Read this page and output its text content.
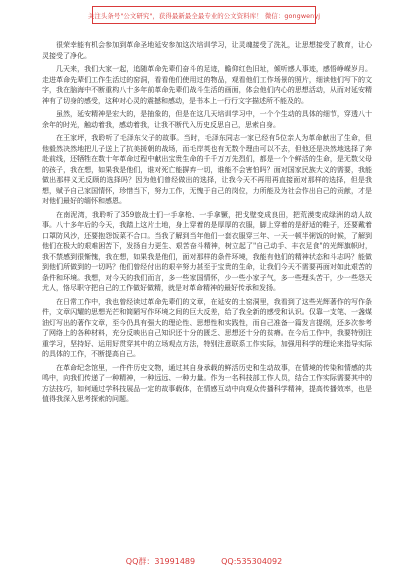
关注头条号"公文研究"，获得最新最全最专业的公文资料库！ 微信：gongwenyj

很荣幸能有机会参加到革命圣地延安参加这次培训学习，让灵魂接受了洗礼，让思想接受了教育，让心灵接受了净化。

几天来，我们大家一起，追随革命先辈们奋斗的足迹，瞻仰红色旧址，倾听感人事迹，感悟峥嵘岁月。走进革命先辈们工作生活过的窑洞，看看他们使用过的物品，观看他们工作场景的照片，细读他们写下的文字，我在脑海中不断重构八十多年前革命先辈们战斗生活的画面，体会他们内心的思想活动，从而对延安精神有了切身的感受，这种对心灵的震撼和感动，是书本上一行行文字描述所不能及的。

虽然，延安精神是宏大的，是抽象的，但是在这几天培训学习中，一个个生动的具体的细节，穿透八十余年的时光，触动着我，感动着我，让我不断代入历史反思自己，思索自身。

在王家坪，我聆听了毛泽东父子的故事。当时，毛泽东同志一家已经有5位亲人为革命献出了生命，但他毅然决然地把儿子送上了抗美援朝的战场，而毛岸英也有无数个理由可以不去，但他还是决然地选择了奔赴前线，还牺牲在数十年革命过程中献出宝贵生命的千千万万先烈们，都是一个个鲜活的生命，是无数父母的孩子，我在想，如果我是他们，谁对死亡能摒弃一切，谁能不会害怕吗？面对国家民族大义的需要，我能做出那样义无反顾的选择吗？因为他们曾经做出的选择，让我今天不再用再直接面对那样的选择，但是我想，赋予自己家国情怀，珍惜当下，努力工作，无愧于自己的岗位，力所能及为社会作出自己的贡献，才是对他们最好的缅怀和感恩。

在南泥湾，我聆听了359旅战士们一手拿枪、一手拿镢，把戈壁变成良田，把荒漠变成绿洲的动人故事。八十多年后的今天，我踏上这片土地，身上穿着的是厚厚的衣服，脚上穿着的是舒适的鞋子，还要戴着口罩防风沙，还要抱怨饭菜不合口。当我了解到当年他们一套衣服穿三年、一天一顿半粥饭的时候，了解到他们在极大的艰难困苦下，发扬自力更生、艰苦奋斗精神，树立起了"自己动手、丰衣足食"的光辉旗帜时，我不禁感到很惭愧，我在想，如果我是他们，面对那样的条件环境，我能有他们的精神状态和斗志吗？能做到他们所做到的一切吗？他们曾经付出的艰辛努力甚至于宝贵的生命，让我们今天不需要再面对如此艰苦的条件和环境。我想，对今天的我们而言，多一些家国情怀，少一些小家子气，多一些理头苦干，少一些怨天尤人，恪尽职守把自己的工作做好做精，就是对革命精神的最好传承和发扬。

在日常工作中，我也曾经读过革命先辈们的文章，在延安的土窑洞里，我看到了这些光辉著作的写作条件，文章闪耀的思想光芒和简陋写作环境之间的巨大反差，给了我全新的感受和认识。仅靠一支笔、一盏煤油灯写出的著作文章，至今仍具有强大的理论性、思想性和实践性，而自己准备一篇发言提纲，还多次参考了网络上的各种材料，充分反映出自己知识还十分的匮乏、思想还十分的贫瘠。在今后工作中，我要特别注重学习，坚持好、运用好贯穿其中的立场观点方法，特别注意联系工作实际，加强用科学的理论来指导实际的具体的工作，不断提高自己。

在革命纪念馆里，一件件历史文物，通过其自身承载的鲜活历史和生动故事，在情境的传染和情感的共鸣中，向我们传递了一种精神，一种远远、一种力量。作为一名科技部工作人员，结合工作实际需要其中的方法技巧，如何通过学科技展品一定的故事载体，在情感互动中向观众传播科学精神，提高传播效率，也是值得我深入思考探索的问题。

QQ群：31991489	QQ:535304092
